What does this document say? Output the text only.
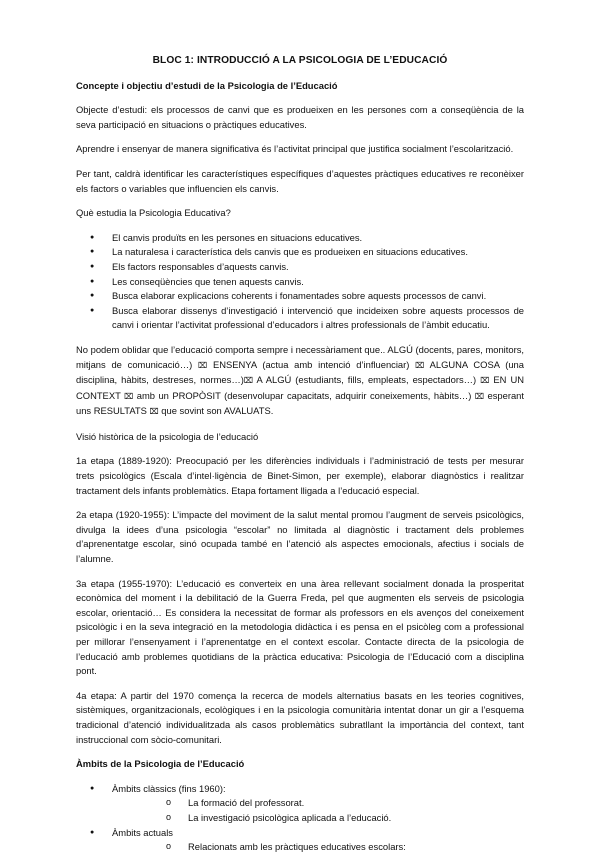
BLOC 1: INTRODUCCIÓ A LA PSICOLOGIA DE L’EDUCACIÓ
Concepte i objectiu d’estudi de la Psicologia de l’Educació
Objecte d’estudi: els processos de canvi que es produeixen en les persones com a conseqüència de la seva participació en situacions o pràctiques educatives.
Aprendre i ensenyar de manera significativa és l’activitat principal que justifica socialment l’escolarització.
Per tant, caldrà identificar les característiques específiques d’aquestes pràctiques educatives re reconèixer els factors o variables que influencien els canvis.
Què estudia la Psicologia Educativa?
● El canvis produïts en les persones en situacions educatives.
● La naturalesa i característica dels canvis que es produeixen en situacions educatives.
● Els factors responsables d’aquests canvis.
● Les conseqüències que tenen aquests canvis.
● Busca elaborar explicacions coherents i fonamentades sobre aquests processos de canvi.
● Busca elaborar dissenys d’investigació i intervenció que incideixen sobre aquests processos de canvi i orientar l’activitat professional d’educadors i altres professionals de l’àmbit educatiu.
No podem oblidar que l’educació comporta sempre i necessàriament que.. ALGÚ (docents, pares, monitors, mitjans de comunicació…) ⌧ ENSENYA (actua amb intenció d’influenciar) ⌧ ALGUNA COSA (una disciplina, hàbits, destreses, normes…)⌧ A ALGÚ (estudiants, fills, empleats, espectadors…) ⌧ EN UN CONTEXT ⌧ amb un PROPÒSIT (desenvolupar capacitats, adquirir coneixements, hàbits…) ⌧ esperant uns RESULTATS ⌧ que sovint son AVALUATS.
Visió històrica de la psicologia de l’educació
1a etapa (1889-1920): Preocupació per les diferències individuals i l’administració de tests per mesurar trets psicològics (Escala d’intel·ligència de Binet-Simon, per exemple), elaborar diagnòstics i realitzar tractament dels infants problemàtics. Etapa fortament lligada a l’educació especial.
2a etapa (1920-1955): L’impacte del moviment de la salut mental promou l’augment de serveis psicològics, divulga la idees d’una psicologia “escolar” no limitada al diagnòstic i tractament dels problemes d’aprenentatge escolar, sinó ocupada també en l’atenció als aspectes emocionals, afectius i socials de l’alumne.
3a etapa (1955-1970): L’educació es converteix en una àrea rellevant socialment donada la prosperitat econòmica del moment i la debilitació de la Guerra Freda, pel que augmenten els serveis de psicologia escolar, orientació… Es considera la necessitat de formar als professors en els avenços del coneixement psicològic i en la seva integració en la metodologia didàctica i es pensa en el psicòleg com a professional per millorar l’ensenyament i l’aprenentatge en el context escolar. Contacte directa de la psicologia de l’educació amb problemes quotidians de la pràctica educativa: Psicologia de l’Educació com a disciplina pont.
4a etapa: A partir del 1970 comença la recerca de models alternatius basats en les teories cognitives, sistèmiques, organitzacionals, ecològiques i en la psicologia comunitària intentat donar un gir a l’esquema tradicional d’atenció individualitzada als casos problemàtics subratllant la importància del context, tant instruccional com sòcio-comunitari.
Àmbits de la Psicologia de l’Educació
● Àmbits clàssics (fins 1960):
o La formació del professorat.
o La investigació psicològica aplicada a l’educació.
● Àmbits actuals
o Relacionats amb les pràctiques educatives escolars:
